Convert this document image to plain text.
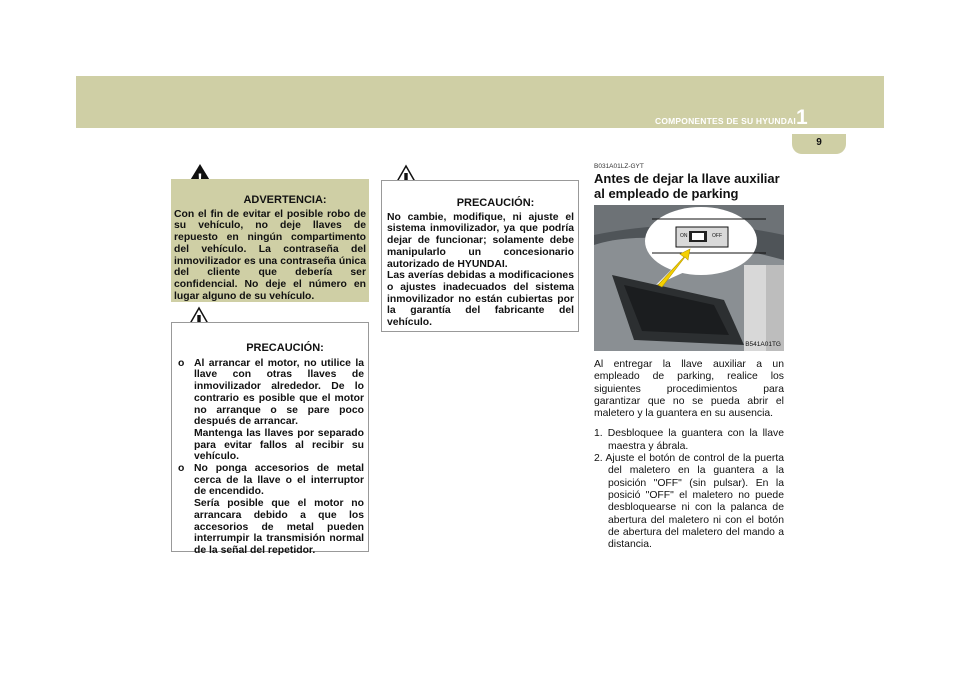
COMPONENTES DE SU HYUNDAI 1
9
ADVERTENCIA:

Con el fin de evitar el posible robo de su vehículo, no deje llaves de repuesto en ningún compartimento del vehículo. La contraseña del inmovilizador es una contraseña única del cliente que debería ser confidencial. No deje el número en lugar alguno de su vehículo.

PRECAUCIÓN:
o Al arrancar el motor, no utilice la llave con otras llaves de inmovilizador alrededor. De lo contrario es posible que el motor no arranque o se pare poco después de arrancar.
Mantenga las llaves por separado para evitar fallos al recibir su vehículo.
o No ponga accesorios de metal cerca de la llave o el interruptor de encendido.
Sería posible que el motor no arrancara debido a que los accesorios de metal pueden interrumpir la transmisión normal de la señal del repetidor.
PRECAUCIÓN:

No cambie, modifique, ni ajuste el sistema inmovilizador, ya que podría dejar de funcionar; solamente debe manipularlo un concesionario autorizado de HYUNDAI.

Las averías debidas a modificaciones o ajustes inadecuados del sistema inmovilizador no están cubiertas por la garantía del fabricante del vehículo.

B031A01LZ-GYT
Antes de dejar la llave auxiliar al empleado de parking
ON	OFF
B541A01TG

Al entregar la llave auxiliar a un empleado de parking, realice los siguientes procedimientos para garantizar que no se pueda abrir el maletero y la guantera en su ausencia.

1. Desbloquee la guantera con la llave maestra y ábrala.
2. Ajuste el botón de control de la puerta del maletero en la guantera a la posición "OFF" (sin pulsar). En la posició "OFF" el maletero no puede desbloquearse ni con la palanca de abertura del maletero ni con el botón de abertura del maletero del mando a distancia.
